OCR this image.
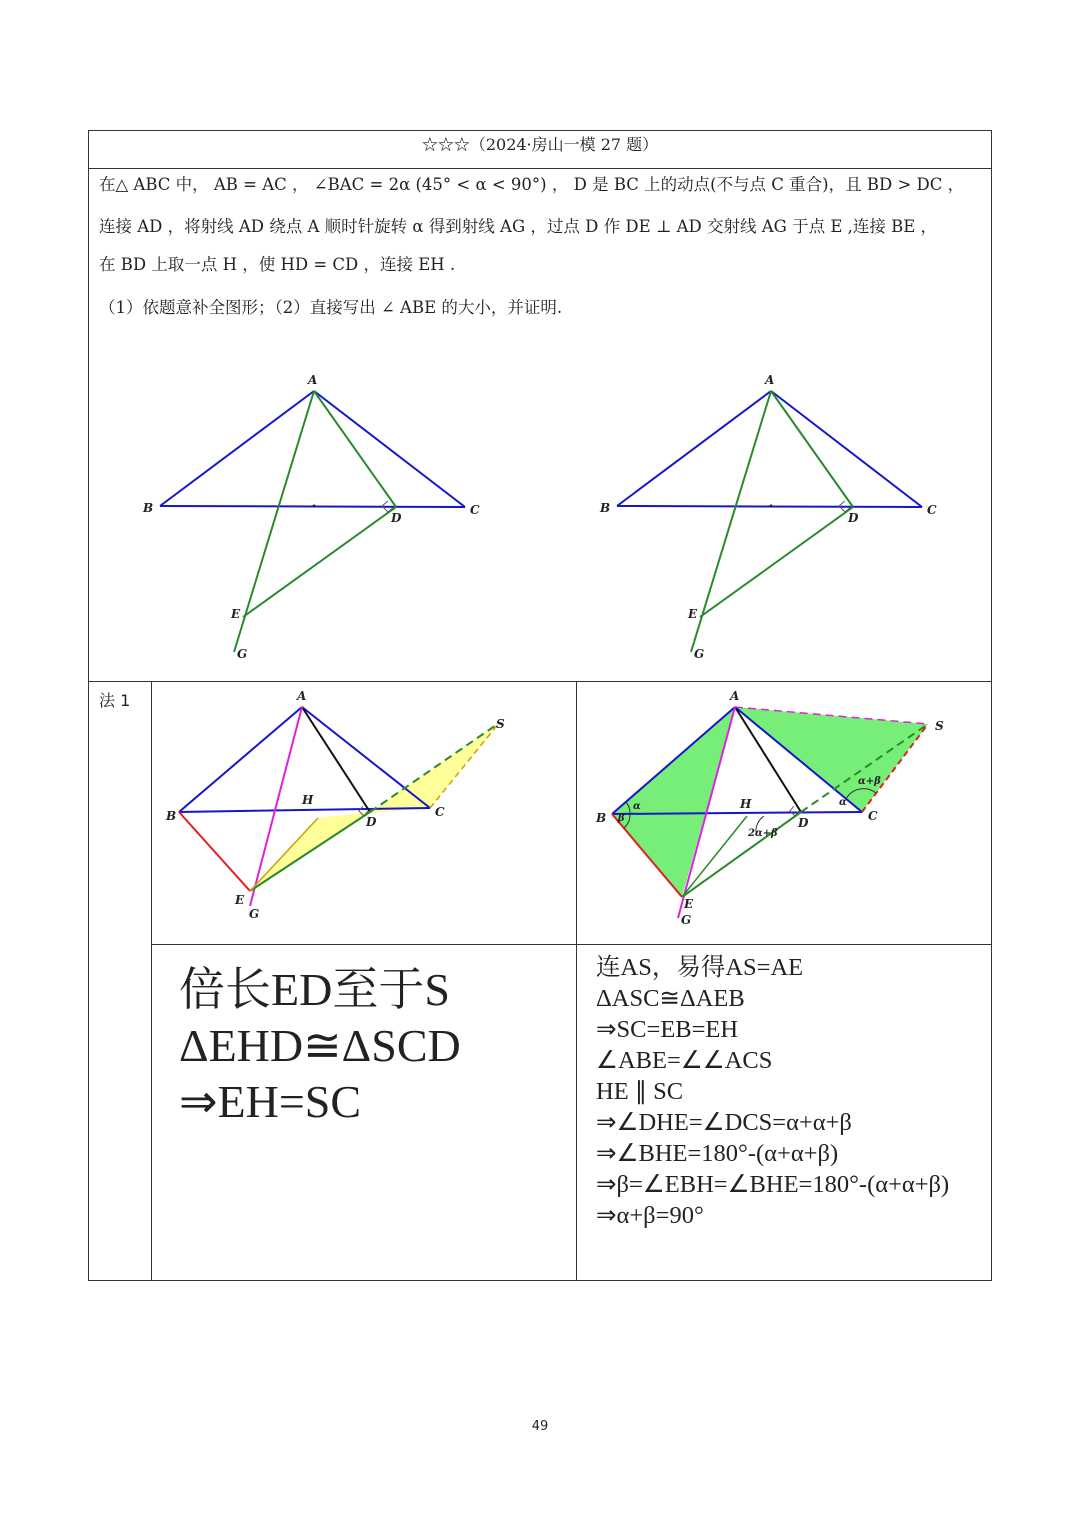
☆☆☆（2024·房山一模 27 题）
在△ ABC 中， AB = AC ， ∠BAC = 2α (45° < α < 90°) ， D 是 BC 上的动点(不与点 C 重合)，且 BD > DC ，
连接 AD ，将射线 AD 绕点 A 顺时针旋转 α 得到射线 AG ，过点 D 作 DE ⊥ AD 交射线 AG 于点 E ,连接 BE ，
在 BD 上取一点 H ，使 HD = CD ，连接 EH .
（1）依题意补全图形；（2）直接写出 ∠ ABE 的大小，并证明.
A
B	C
D
E
G
A
B	C
D
E
G
法 1	A
B	C
D
H
E
G
S
A
B	C
D
H
E
G
S
α
β
2α+β
α
α+β
倍长ED至于S
ΔEHD≅ΔSCD
⇒EH=SC
连AS，易得AS=AE
ΔASC≅ΔAEB
⇒SC=EB=EH
∠ABE=∠∠ACS
HE ∥ SC
⇒∠DHE=∠DCS=α+α+β
⇒∠BHE=180°-(α+α+β)
⇒β=∠EBH=∠BHE=180°-(α+α+β)
⇒α+β=90°
49
